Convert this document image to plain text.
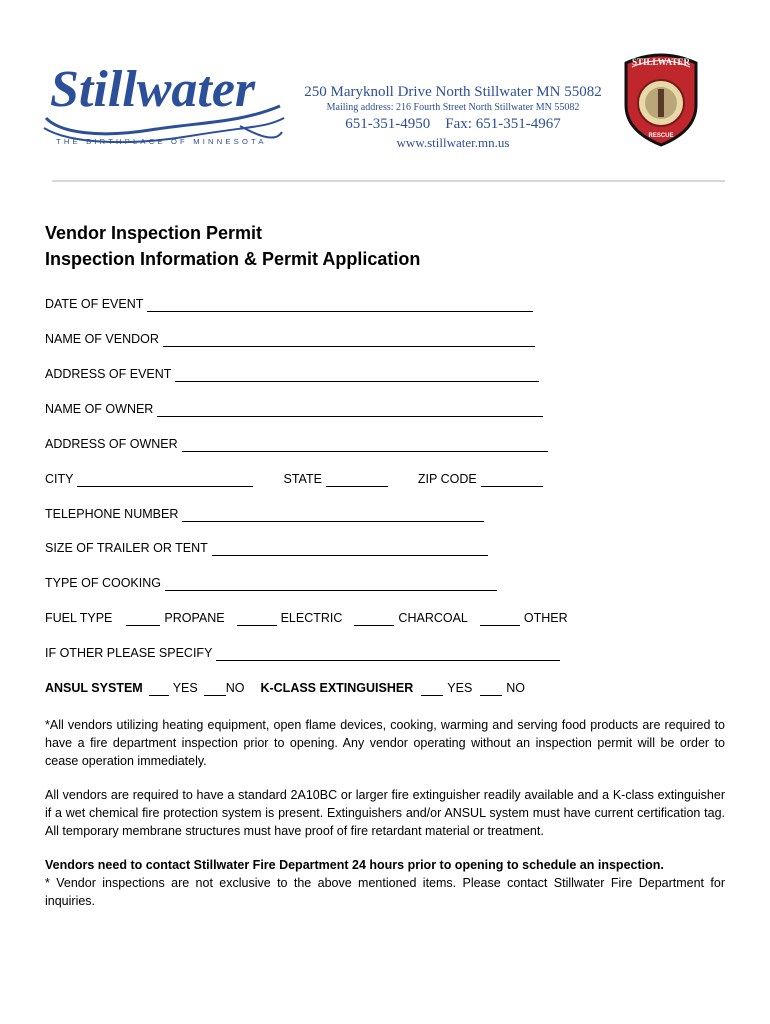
Stillwater
THE BIRTHPLACE OF MINNESOTA
250 Maryknoll Drive North Stillwater MN 55082
Mailing address: 216 Fourth Street North Stillwater MN 55082
651-351-4950    Fax: 651-351-4967
www.stillwater.mn.us
STILLWATER
RESCUE
Vendor Inspection Permit
Inspection Information & Permit Application
DATE OF EVENT
NAME OF VENDOR
ADDRESS OF EVENT
NAME OF OWNER
ADDRESS OF OWNER
CITY	STATE	ZIP CODE
TELEPHONE NUMBER
SIZE OF TRAILER OR TENT
TYPE OF COOKING
FUEL TYPE	PROPANE	ELECTRIC	CHARCOAL	OTHER
IF OTHER PLEASE SPECIFY
ANSUL SYSTEM YES NO K-CLASS EXTINGUISHER	YES	NO
*All vendors utilizing heating equipment, open flame devices, cooking, warming and serving food products are required to have a fire department inspection prior to opening. Any vendor operating without an inspection permit will be order to cease operation immediately.
All vendors are required to have a standard 2A10BC or larger fire extinguisher readily available and a K-class extinguisher if a wet chemical fire protection system is present. Extinguishers and/or ANSUL system must have current certification tag. All temporary membrane structures must have proof of fire retardant material or treatment.
Vendors need to contact Stillwater Fire Department 24 hours prior to opening to schedule an inspection.
* Vendor inspections are not exclusive to the above mentioned items. Please contact Stillwater Fire Department for inquiries.
